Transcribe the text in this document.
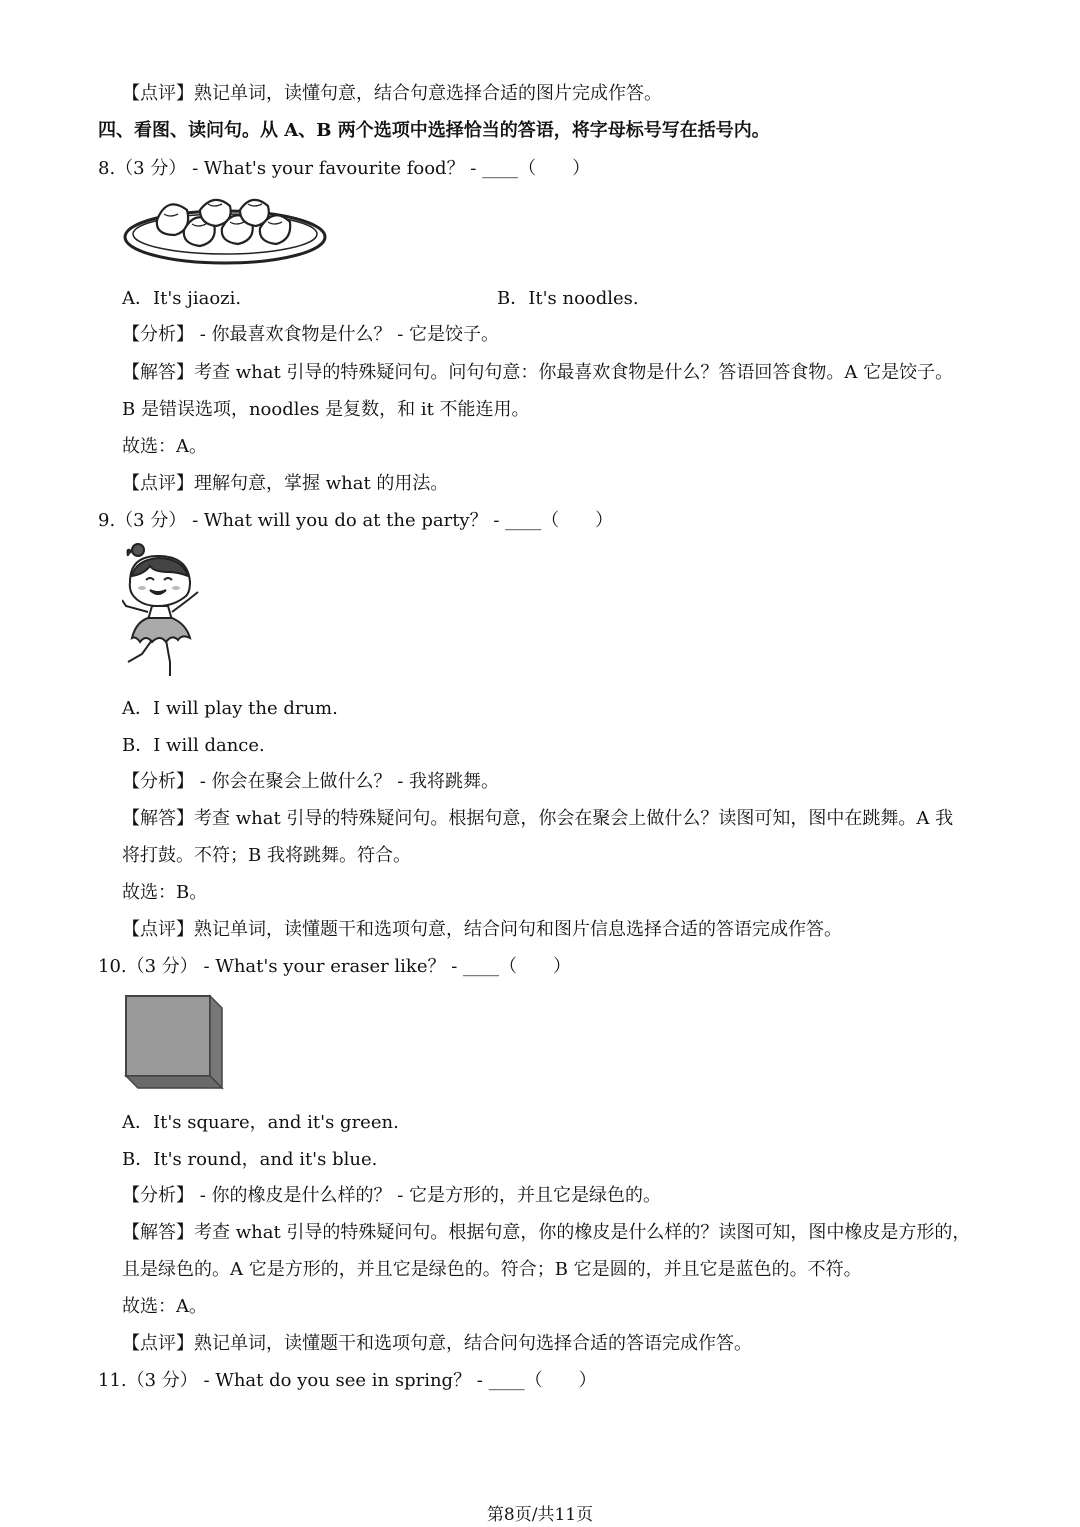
【点评】熟记单词，读懂句意，结合句意选择合适的图片完成作答。
四、看图、读问句。从 A、B 两个选项中选择恰当的答语，将字母标号写在括号内。
8.（3 分） - What's your favourite food？ - ____（　　）
A．It's jiaozi.	B．It's noodles.
【分析】 - 你最喜欢食物是什么？ - 它是饺子。
【解答】考查 what 引导的特殊疑问句。问句句意：你最喜欢食物是什么？答语回答食物。A 它是饺子。
B 是错误选项，noodles 是复数，和 it 不能连用。
故选：A。
【点评】理解句意，掌握 what 的用法。
9.（3 分） - What will you do at the party？ - ____（　　）
A．I will play the drum.
B．I will dance.
【分析】 - 你会在聚会上做什么？ - 我将跳舞。
【解答】考查 what 引导的特殊疑问句。根据句意，你会在聚会上做什么？读图可知，图中在跳舞。A 我
将打鼓。不符；B 我将跳舞。符合。
故选：B。
【点评】熟记单词，读懂题干和选项句意，结合问句和图片信息选择合适的答语完成作答。
10.（3 分） - What's your eraser like？ - ____（　　）
A．It's square，and it's green.
B．It's round，and it's blue.
【分析】 - 你的橡皮是什么样的？ - 它是方形的，并且它是绿色的。
【解答】考查 what 引导的特殊疑问句。根据句意，你的橡皮是什么样的？读图可知，图中橡皮是方形的，
且是绿色的。A 它是方形的，并且它是绿色的。符合；B 它是圆的，并且它是蓝色的。不符。
故选：A。
【点评】熟记单词，读懂题干和选项句意，结合问句选择合适的答语完成作答。
11.（3 分） - What do you see in spring？ - ____（　　）
第8页/共11页
